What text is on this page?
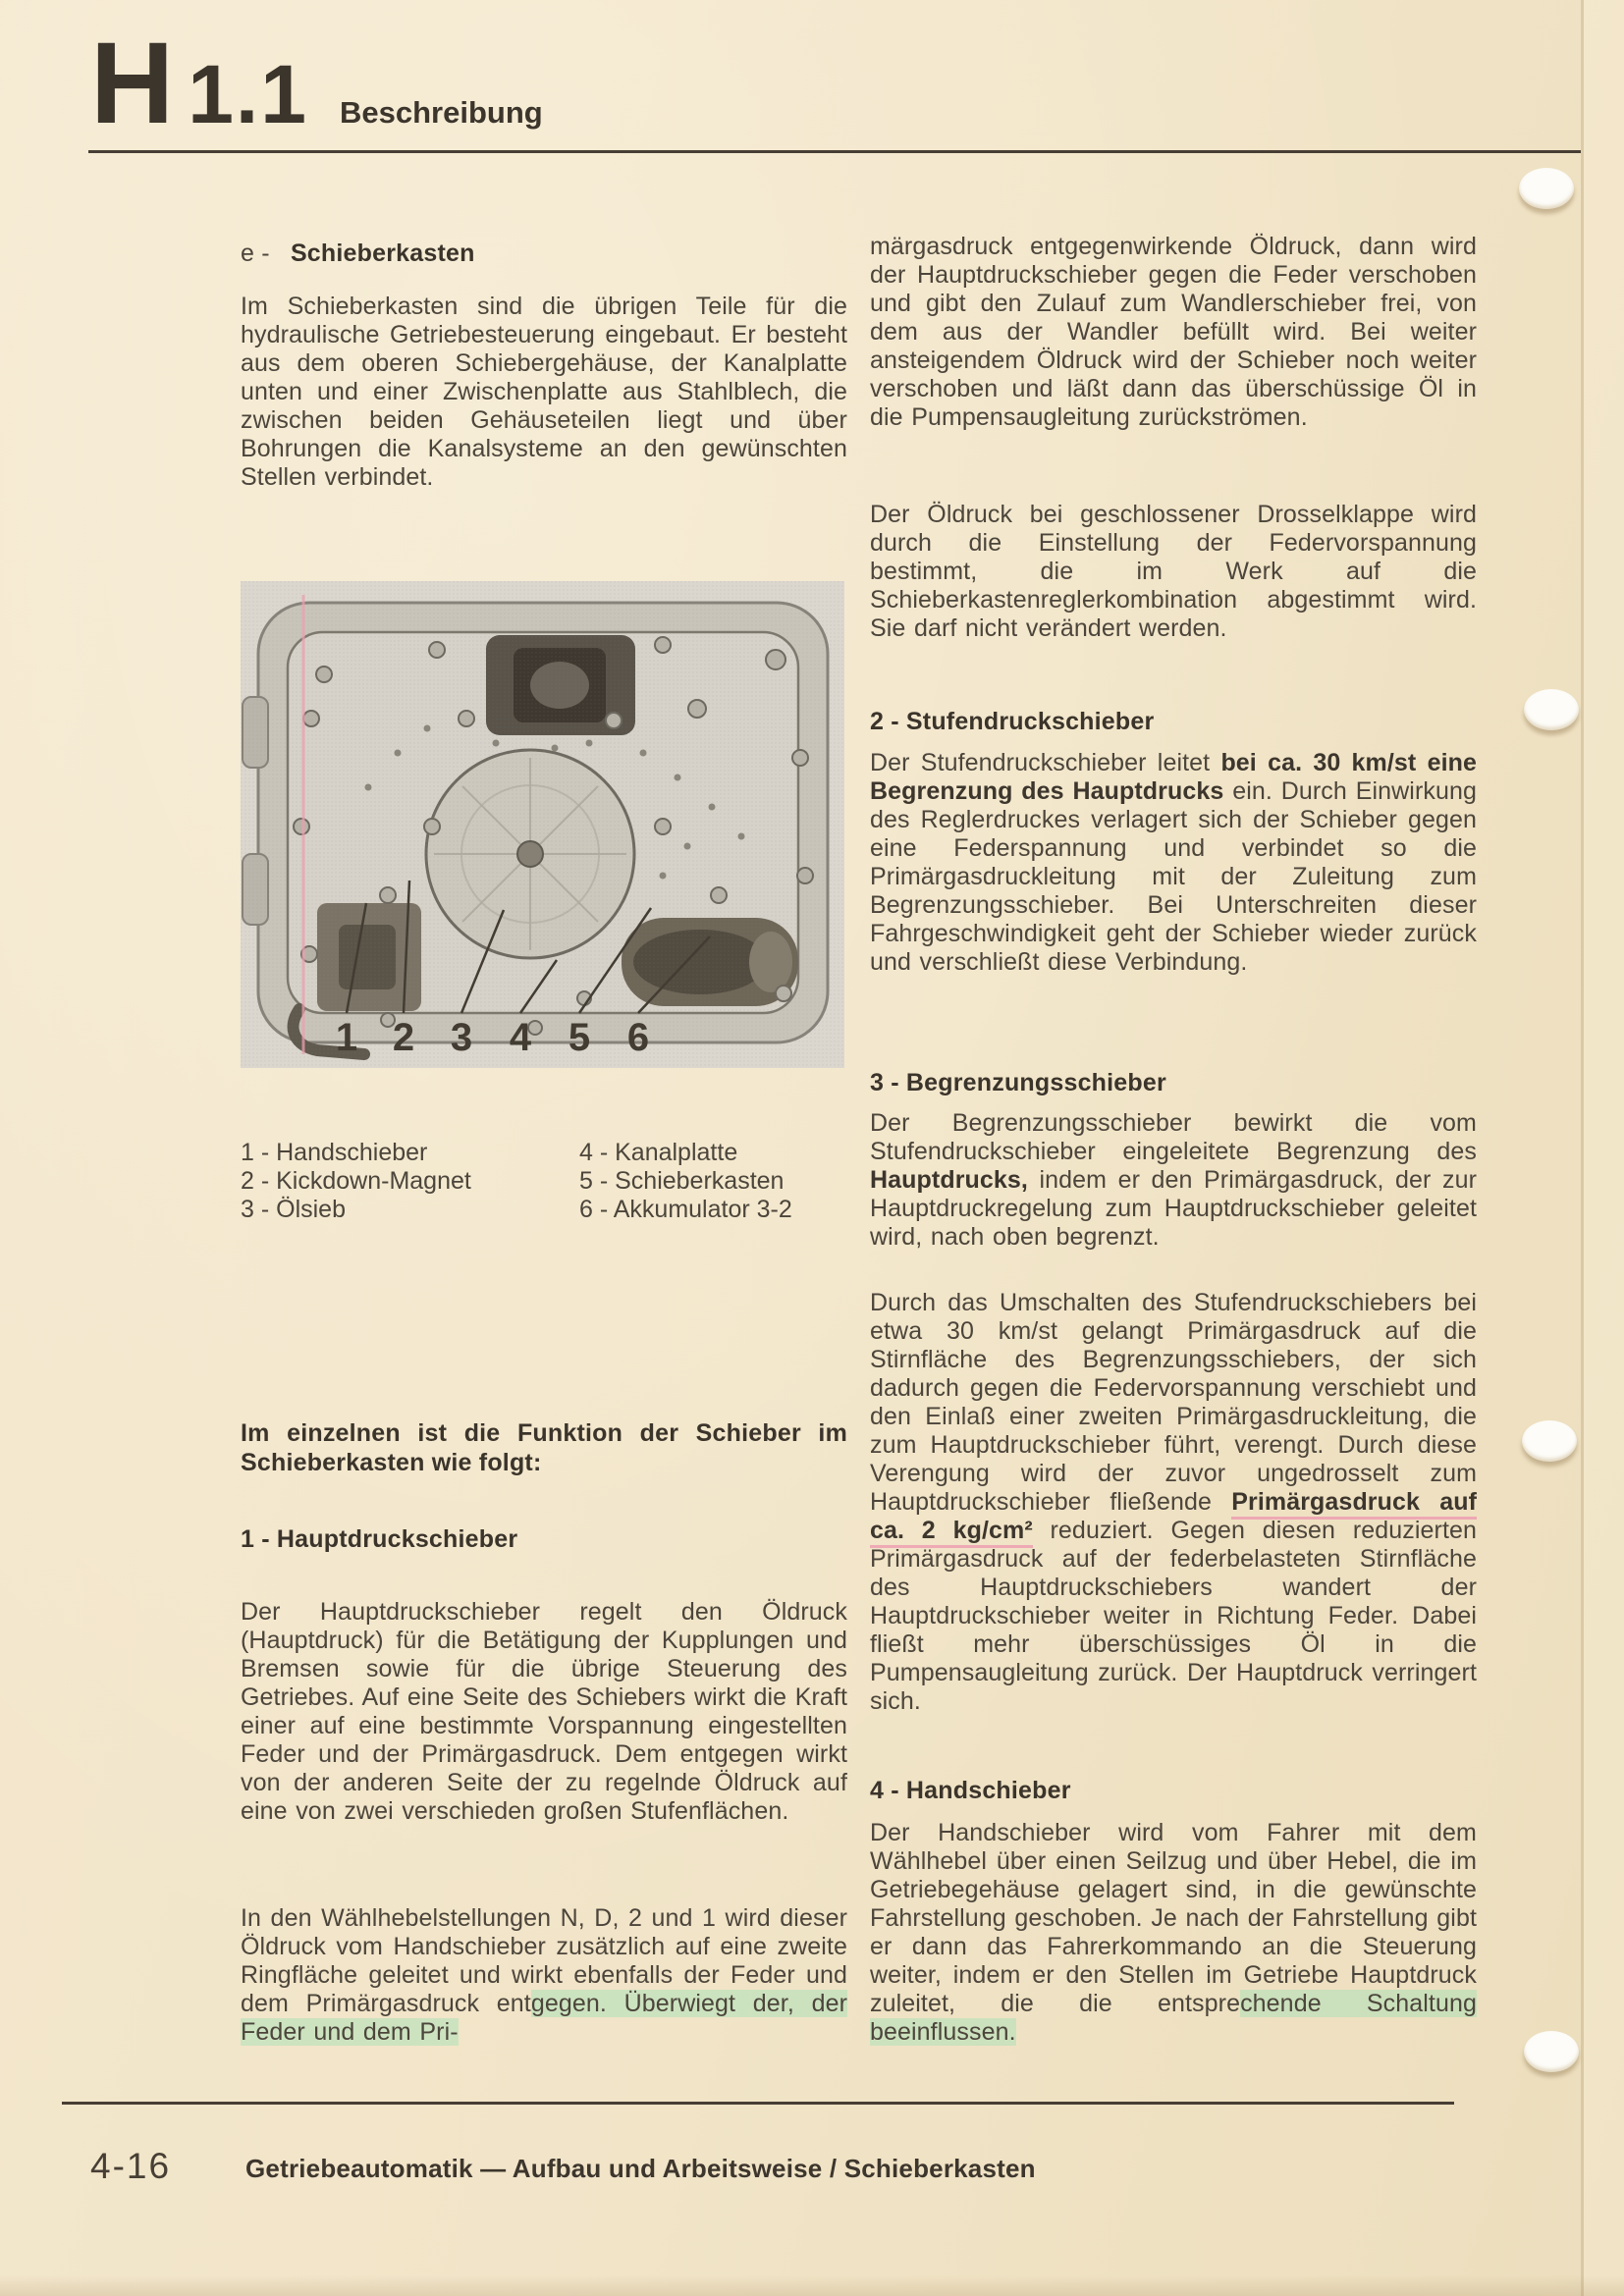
H 1.1 Beschreibung
e - Schieberkasten
Im Schieberkasten sind die übrigen Teile für die hydraulische Getriebesteuerung eingebaut. Er besteht aus dem oberen Schiebergehäuse, der Kanalplatte unten und einer Zwischenplatte aus Stahlblech, die zwischen beiden Gehäuseteilen liegt und über Bohrungen die Kanalsysteme an den gewünschten Stellen verbindet.
1 2 3 4 5 6
1 - Handschieber
2 - Kickdown-Magnet
3 - Ölsieb
4 - Kanalplatte
5 - Schieberkasten
6 - Akkumulator 3-2
Im einzelnen ist die Funktion der Schieber im Schieberkasten wie folgt:
1 - Hauptdruckschieber
Der Hauptdruckschieber regelt den Öldruck (Hauptdruck) für die Betätigung der Kupplungen und Bremsen sowie für die übrige Steuerung des Getriebes. Auf eine Seite des Schiebers wirkt die Kraft einer auf eine bestimmte Vorspannung eingestellten Feder und der Primärgasdruck. Dem entgegen wirkt von der anderen Seite der zu regelnde Öldruck auf eine von zwei verschieden großen Stufenflächen.
In den Wählhebelstellungen N, D, 2 und 1 wird dieser Öldruck vom Handschieber zusätzlich auf eine zweite Ringfläche geleitet und wirkt ebenfalls der Feder und dem Primärgasdruck entgegen. Überwiegt der, der Feder und dem Pri-
märgasdruck entgegenwirkende Öldruck, dann wird der Hauptdruckschieber gegen die Feder verschoben und gibt den Zulauf zum Wandlerschieber frei, von dem aus der Wandler befüllt wird. Bei weiter ansteigendem Öldruck wird der Schieber noch weiter verschoben und läßt dann das überschüssige Öl in die Pumpensaugleitung zurückströmen.
Der Öldruck bei geschlossener Drosselklappe wird durch die Einstellung der Federvorspannung bestimmt, die im Werk auf die Schieberkastenreglerkombination abgestimmt wird. Sie darf nicht verändert werden.
2 - Stufendruckschieber
Der Stufendruckschieber leitet bei ca. 30 km/st eine Begrenzung des Hauptdrucks ein. Durch Einwirkung des Reglerdruckes verlagert sich der Schieber gegen eine Federspannung und verbindet so die Primärgasdruckleitung mit der Zuleitung zum Begrenzungsschieber. Bei Unterschreiten dieser Fahrgeschwindigkeit geht der Schieber wieder zurück und verschließt diese Verbindung.
3 - Begrenzungsschieber
Der Begrenzungsschieber bewirkt die vom Stufendruckschieber eingeleitete Begrenzung des Hauptdrucks, indem er den Primärgasdruck, der zur Hauptdruckregelung zum Hauptdruckschieber geleitet wird, nach oben begrenzt.
Durch das Umschalten des Stufendruckschiebers bei etwa 30 km/st gelangt Primärgasdruck auf die Stirnfläche des Begrenzungsschiebers, der sich dadurch gegen die Federvorspannung verschiebt und den Einlaß einer zweiten Primärgasdruckleitung, die zum Hauptdruckschieber führt, verengt. Durch diese Verengung wird der zuvor ungedrosselt zum Hauptdruckschieber fließende Primärgasdruck auf ca. 2 kg/cm² reduziert. Gegen diesen reduzierten Primärgasdruck auf der federbelasteten Stirnfläche des Hauptdruckschiebers wandert der Hauptdruckschieber weiter in Richtung Feder. Dabei fließt mehr überschüssiges Öl in die Pumpensaugleitung zurück. Der Hauptdruck verringert sich.
4 - Handschieber
Der Handschieber wird vom Fahrer mit dem Wählhebel über einen Seilzug und über Hebel, die im Getriebegehäuse gelagert sind, in die gewünschte Fahrstellung geschoben. Je nach der Fahrstellung gibt er dann das Fahrerkommando an die Steuerung weiter, indem er den Stellen im Getriebe Hauptdruck zuleitet, die die entsprechende Schaltung beeinflussen.
4-16	Getriebeautomatik — Aufbau und Arbeitsweise / Schieberkasten
